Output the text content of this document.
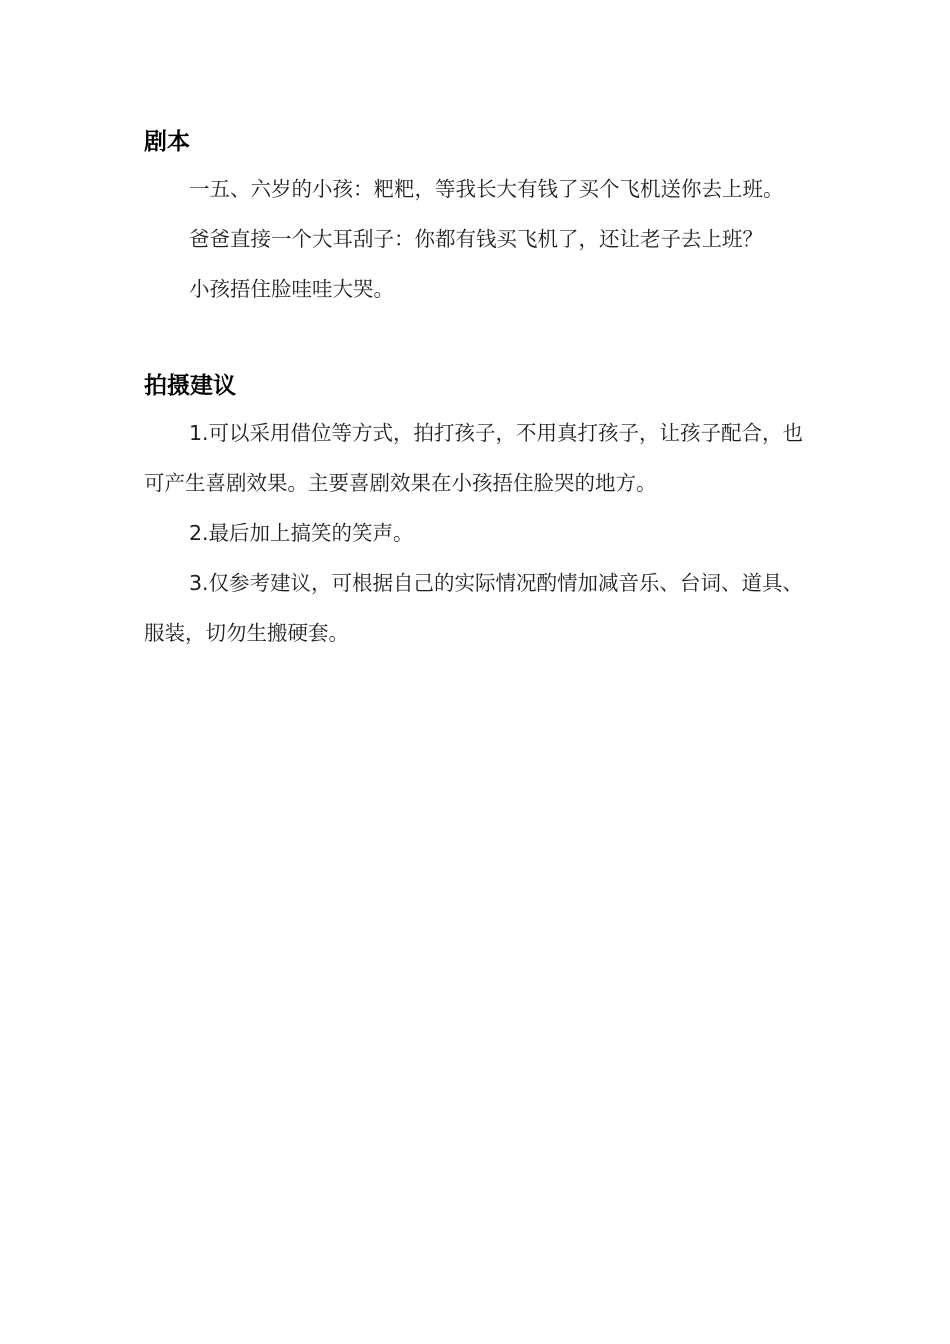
剧本

一五、六岁的小孩：粑粑，等我长大有钱了买个飞机送你去上班。

爸爸直接一个大耳刮子：你都有钱买飞机了，还让老子去上班？

小孩捂住脸哇哇大哭。

拍摄建议

1.可以采用借位等方式，拍打孩子，不用真打孩子，让孩子配合，也可产生喜剧效果。主要喜剧效果在小孩捂住脸哭的地方。

2.最后加上搞笑的笑声。

3.仅参考建议，可根据自己的实际情况酌情加减音乐、台词、道具、服装，切勿生搬硬套。
